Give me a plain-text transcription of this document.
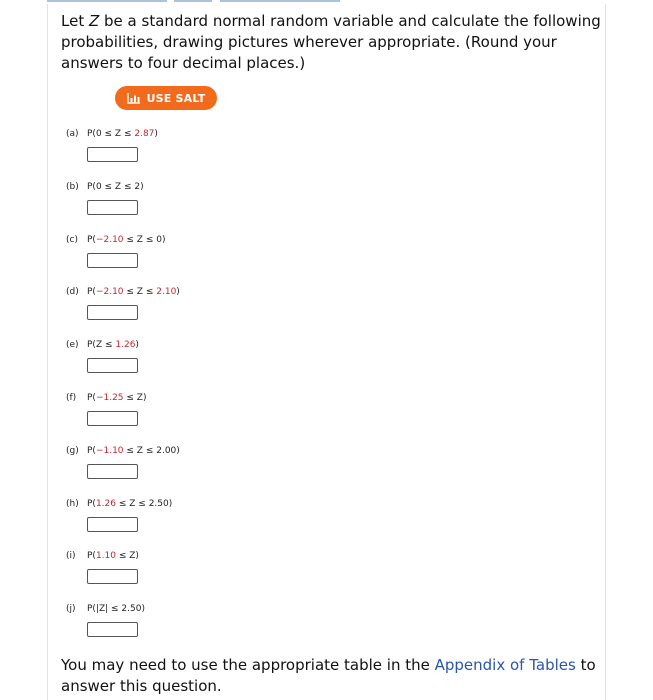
Let Z be a standard normal random variable and calculate the following probabilities, drawing pictures wherever appropriate. (Round your answers to four decimal places.)
USE SALT
(a) P(0 ≤ Z ≤ 2.87)
(b) P(0 ≤ Z ≤ 2)
(c) P(−2.10 ≤ Z ≤ 0)
(d) P(−2.10 ≤ Z ≤ 2.10)
(e) P(Z ≤ 1.26)
(f) P(−1.25 ≤ Z)
(g) P(−1.10 ≤ Z ≤ 2.00)
(h) P(1.26 ≤ Z ≤ 2.50)
(i) P(1.10 ≤ Z)
(j) P(|Z| ≤ 2.50)
You may need to use the appropriate table in the Appendix of Tables to answer this question.
